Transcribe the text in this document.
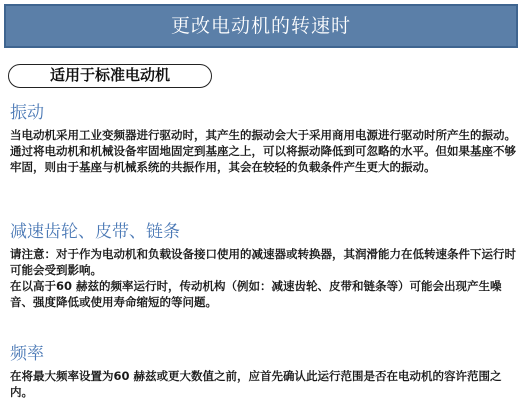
更改电动机的转速时
适用于标准电动机
振动

当电动机采用工业变频器进行驱动时，其产生的振动会大于采用商用电源进行驱动时所产生的振动。通过将电动机和机械设备牢固地固定到基座之上，可以将振动降低到可忽略的水平。但如果基座不够牢固，则由于基座与机械系统的共振作用，其会在较轻的负载条件产生更大的振动。

减速齿轮、皮带、链条

请注意：对于作为电动机和负载设备接口使用的减速器或转换器，其润滑能力在低转速条件下运行时可能会受到影响。

在以高于60 赫兹的频率运行时，传动机构（例如：减速齿轮、皮带和链条等）可能会出现产生噪音、强度降低或使用寿命缩短的等问题。

频率

在将最大频率设置为60 赫兹或更大数值之前，应首先确认此运行范围是否在电动机的容许范围之内。
